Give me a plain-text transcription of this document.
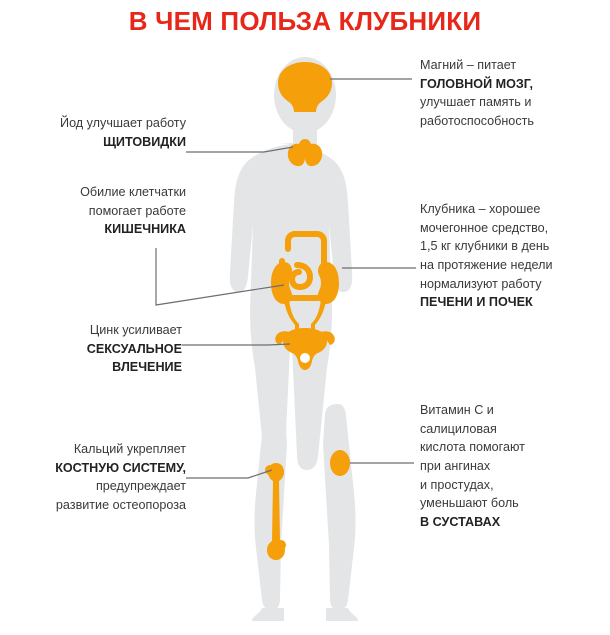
В ЧЕМ ПОЛЬЗА КЛУБНИКИ
Йод улучшает работу
ЩИТОВИДКИ
Обилие клетчатки
помогает работе
КИШЕЧНИКА
Цинк усиливает
СЕКСУАЛЬНОЕ
ВЛЕЧЕНИЕ
Кальций укрепляет
КОСТНУЮ СИСТЕМУ,
предупреждает
развитие остеопороза
Магний – питает
ГОЛОВНОЙ МОЗГ,
улучшает память и
работоспособность
Клубника – хорошее
мочегонное средство,
1,5 кг клубники в день
на протяжение недели
нормализуют работу
ПЕЧЕНИ И ПОЧЕК
Витамин С и
салициловая
кислота помогают
при ангинах
и простудах,
уменьшают боль
В СУСТАВАХ
